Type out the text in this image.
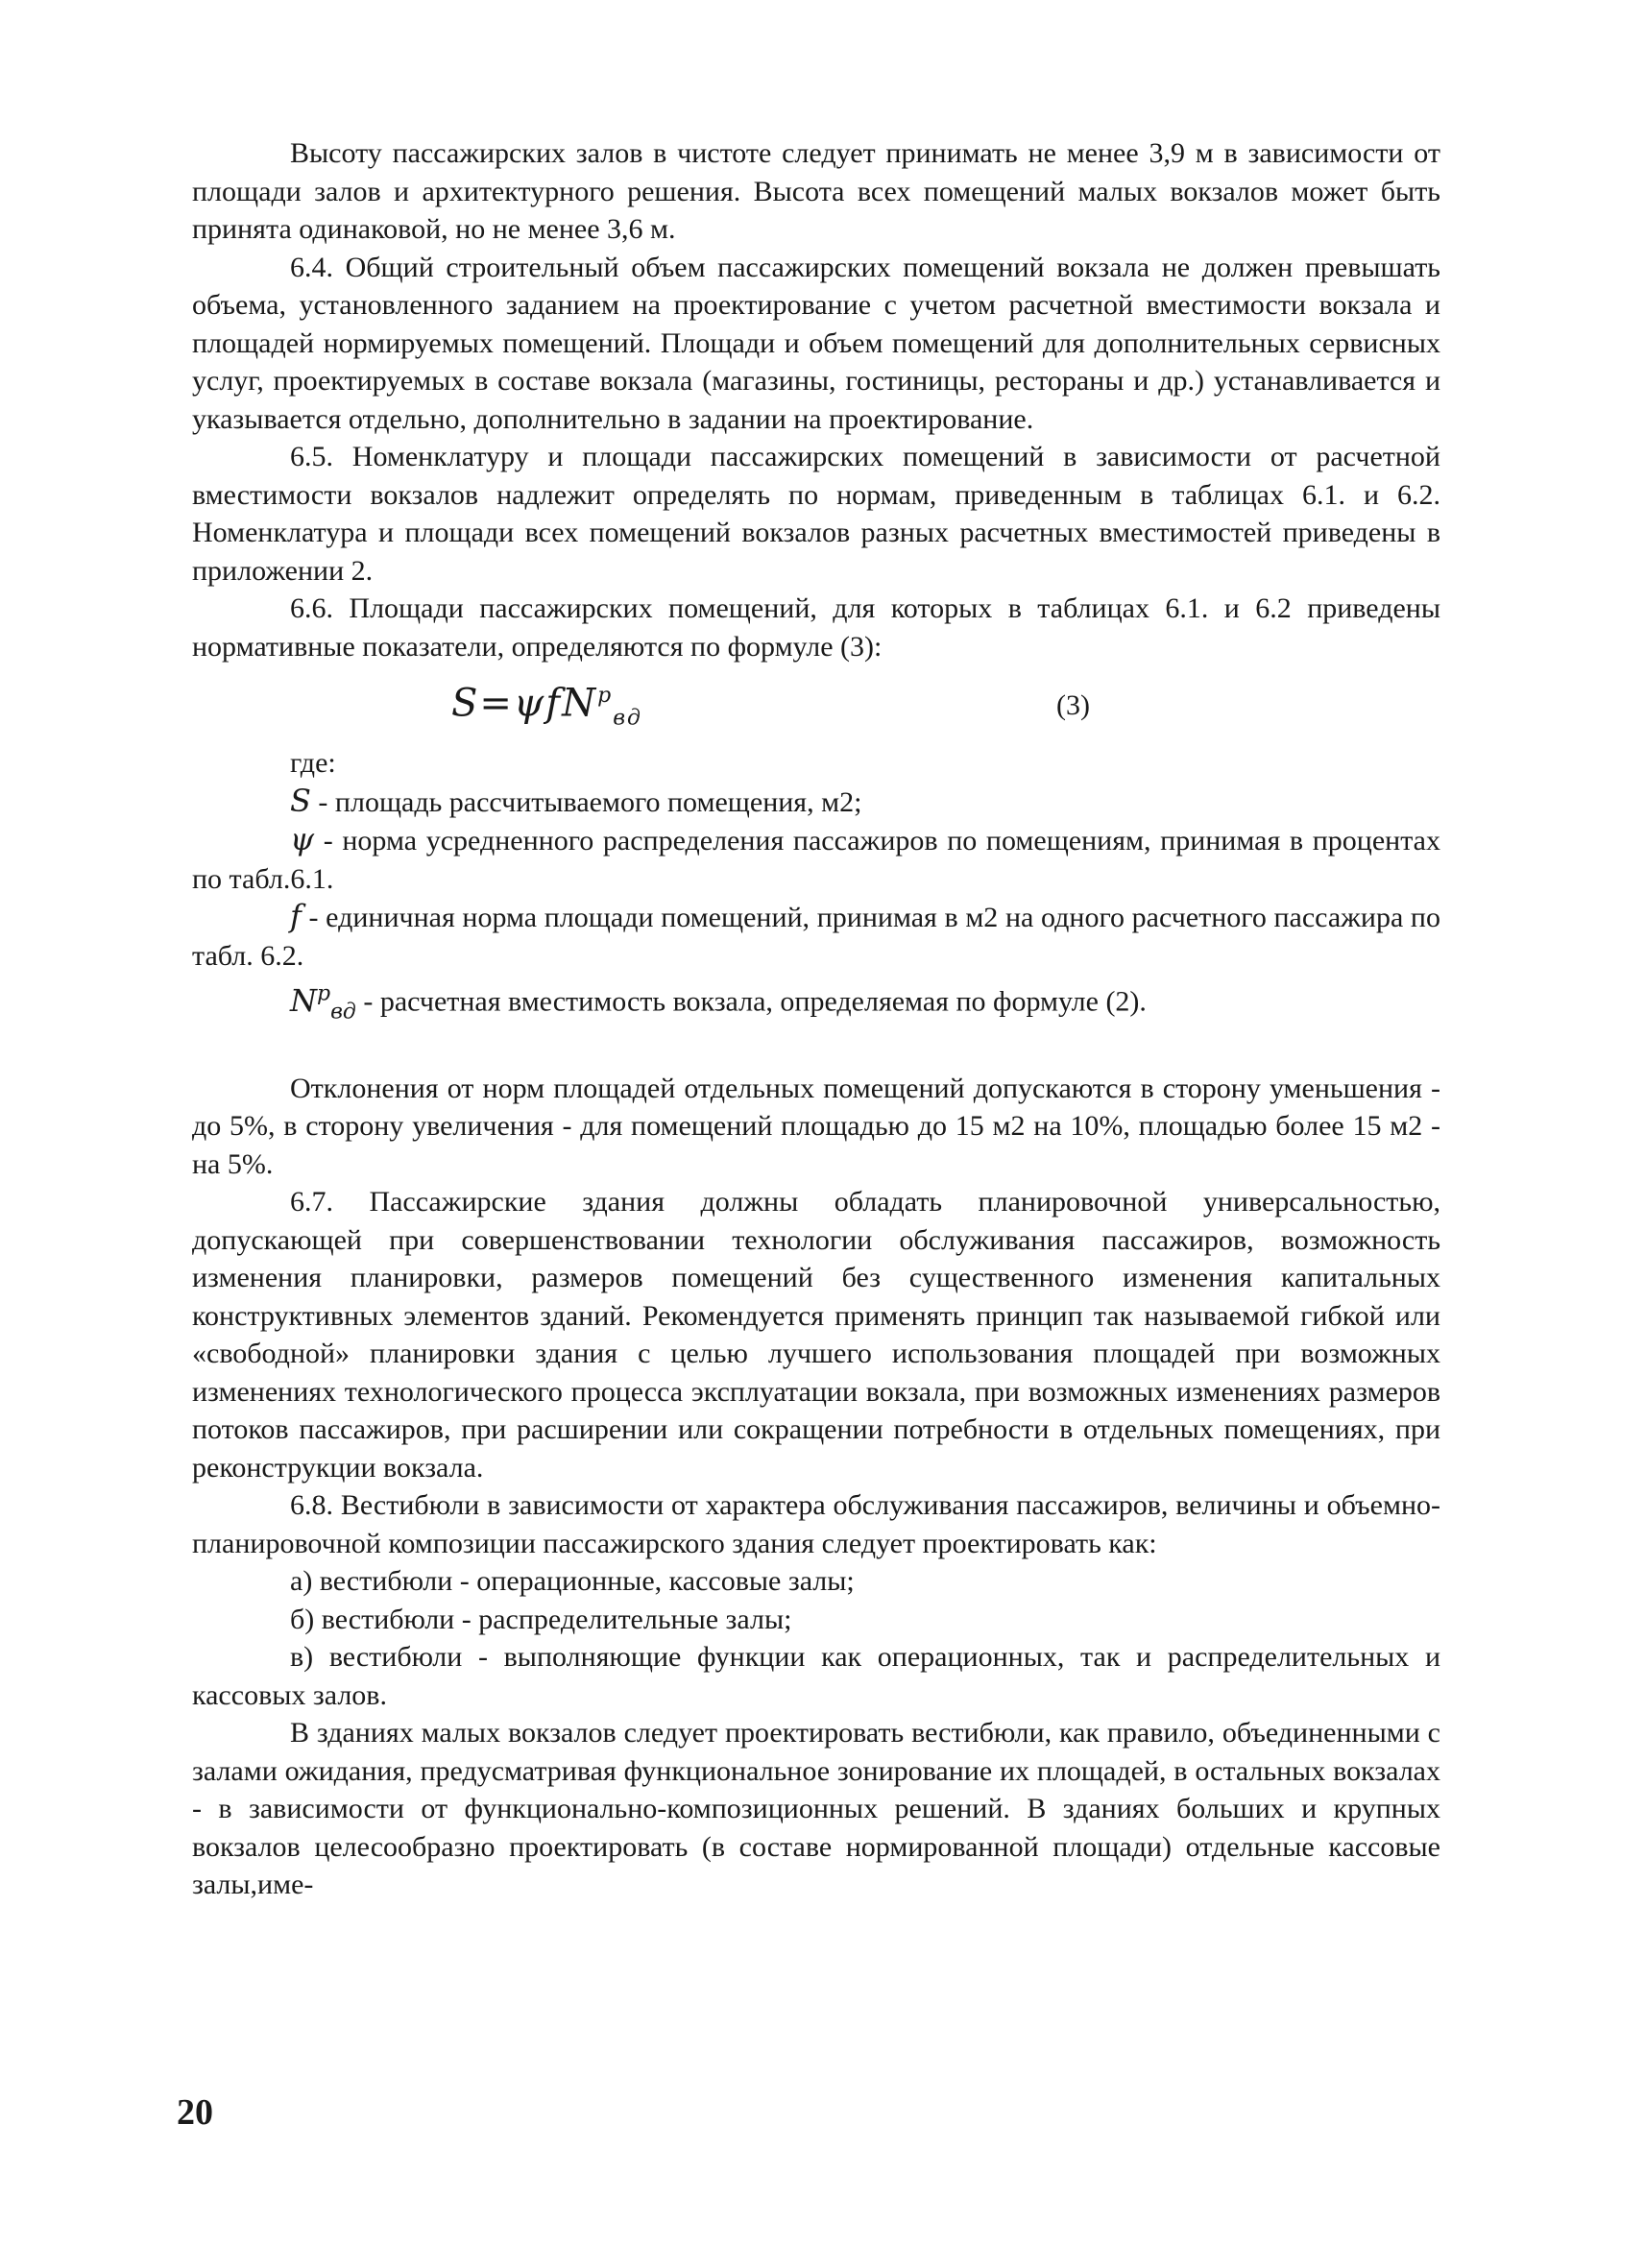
Высоту пассажирских залов в чистоте следует принимать не менее 3,9 м в зависимости от площади залов и архитектурного решения. Высота всех помещений малых вокзалов может быть принята одинаковой, но не менее 3,6 м.

6.4. Общий строительный объем пассажирских помещений вокзала не должен превышать объема, установленного заданием на проектирование с учетом расчетной вместимости вокзала и площадей нормируемых помещений. Площади и объем помещений для дополнительных сервисных услуг, проектируемых в составе вокзала (магазины, гостиницы, рестораны и др.) устанавливается и указывается отдельно, дополнительно в задании на проектирование.

6.5. Номенклатуру и площади пассажирских помещений в зависимости от расчетной вместимости вокзалов надлежит определять по нормам, приведенным в таблицах 6.1. и 6.2. Номенклатура и площади всех помещений вокзалов разных расчетных вместимостей приведены в приложении 2.

6.6. Площади пассажирских помещений, для которых в таблицах 6.1. и 6.2 приведены нормативные показатели, определяются по формуле (3):

S=ψfN$^р_{вд}$	(3)

где:

S - площадь рассчитываемого помещения, м2;

ψ - норма усредненного распределения пассажиров по помещениям, принимая в процентах по табл.6.1.

f - единичная норма площади помещений, принимая в м2 на одного расчетного пассажира по табл. 6.2.

$N^р_{вд}$ - расчетная вместимость вокзала, определяемая по формуле (2).

Отклонения от норм площадей отдельных помещений допускаются в сторону уменьшения - до 5%, в сторону увеличения - для помещений площадью до 15 м2 на 10%, площадью более 15 м2 - на 5%.

6.7. Пассажирские здания должны обладать планировочной универсальностью, допускающей при совершенствовании технологии обслуживания пассажиров, возможность изменения планировки, размеров помещений без существенного изменения капитальных конструктивных элементов зданий. Рекомендуется применять принцип так называемой гибкой или «свободной» планировки здания с целью лучшего использования площадей при возможных изменениях технологического процесса эксплуатации вокзала, при возможных изменениях размеров потоков пассажиров, при расширении или сокращении потребности в отдельных помещениях, при реконструкции вокзала.

6.8. Вестибюли в зависимости от характера обслуживания пассажиров, величины и объемно-планировочной композиции пассажирского здания следует проектировать как:

а) вестибюли - операционные, кассовые залы;

б) вестибюли - распределительные залы;

в) вестибюли - выполняющие функции как операционных, так и распределительных и кассовых залов.

В зданиях малых вокзалов следует проектировать вестибюли, как правило, объединенными с залами ожидания, предусматривая функциональное зонирование их площадей, в остальных вокзалах - в зависимости от функционально-композиционных решений. В зданиях больших и крупных вокзалов целесообразно проектировать (в составе нормированной площади) отдельные кассовые залы,име-

20
